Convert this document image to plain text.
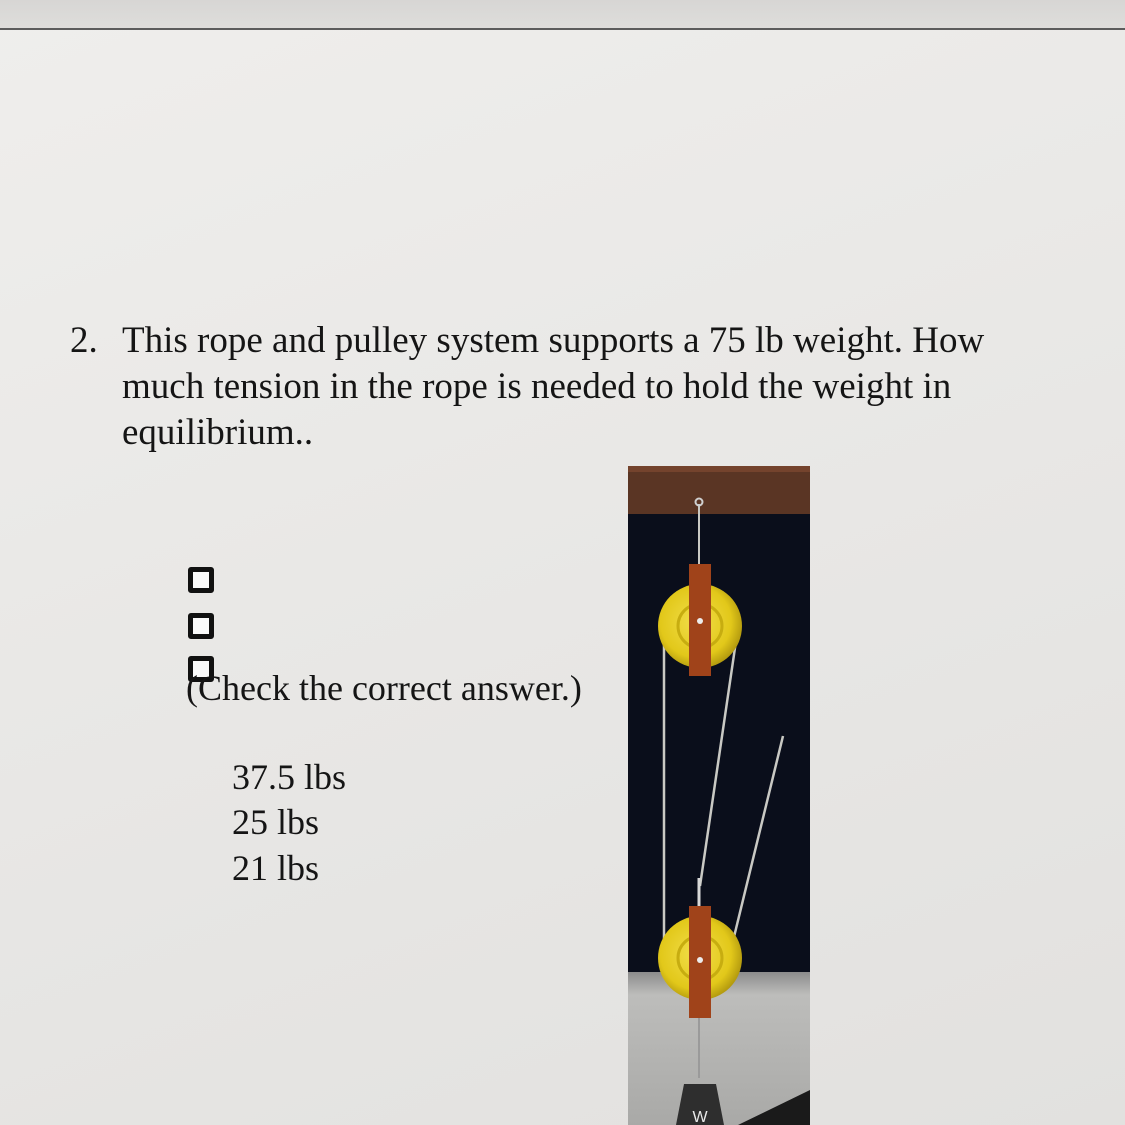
2. This rope and pulley system supports a 75 lb weight. How much tension in the rope is needed to hold the weight in equilibrium..
(Check the correct answer.)
37.5 lbs
25 lbs
21 lbs
W
